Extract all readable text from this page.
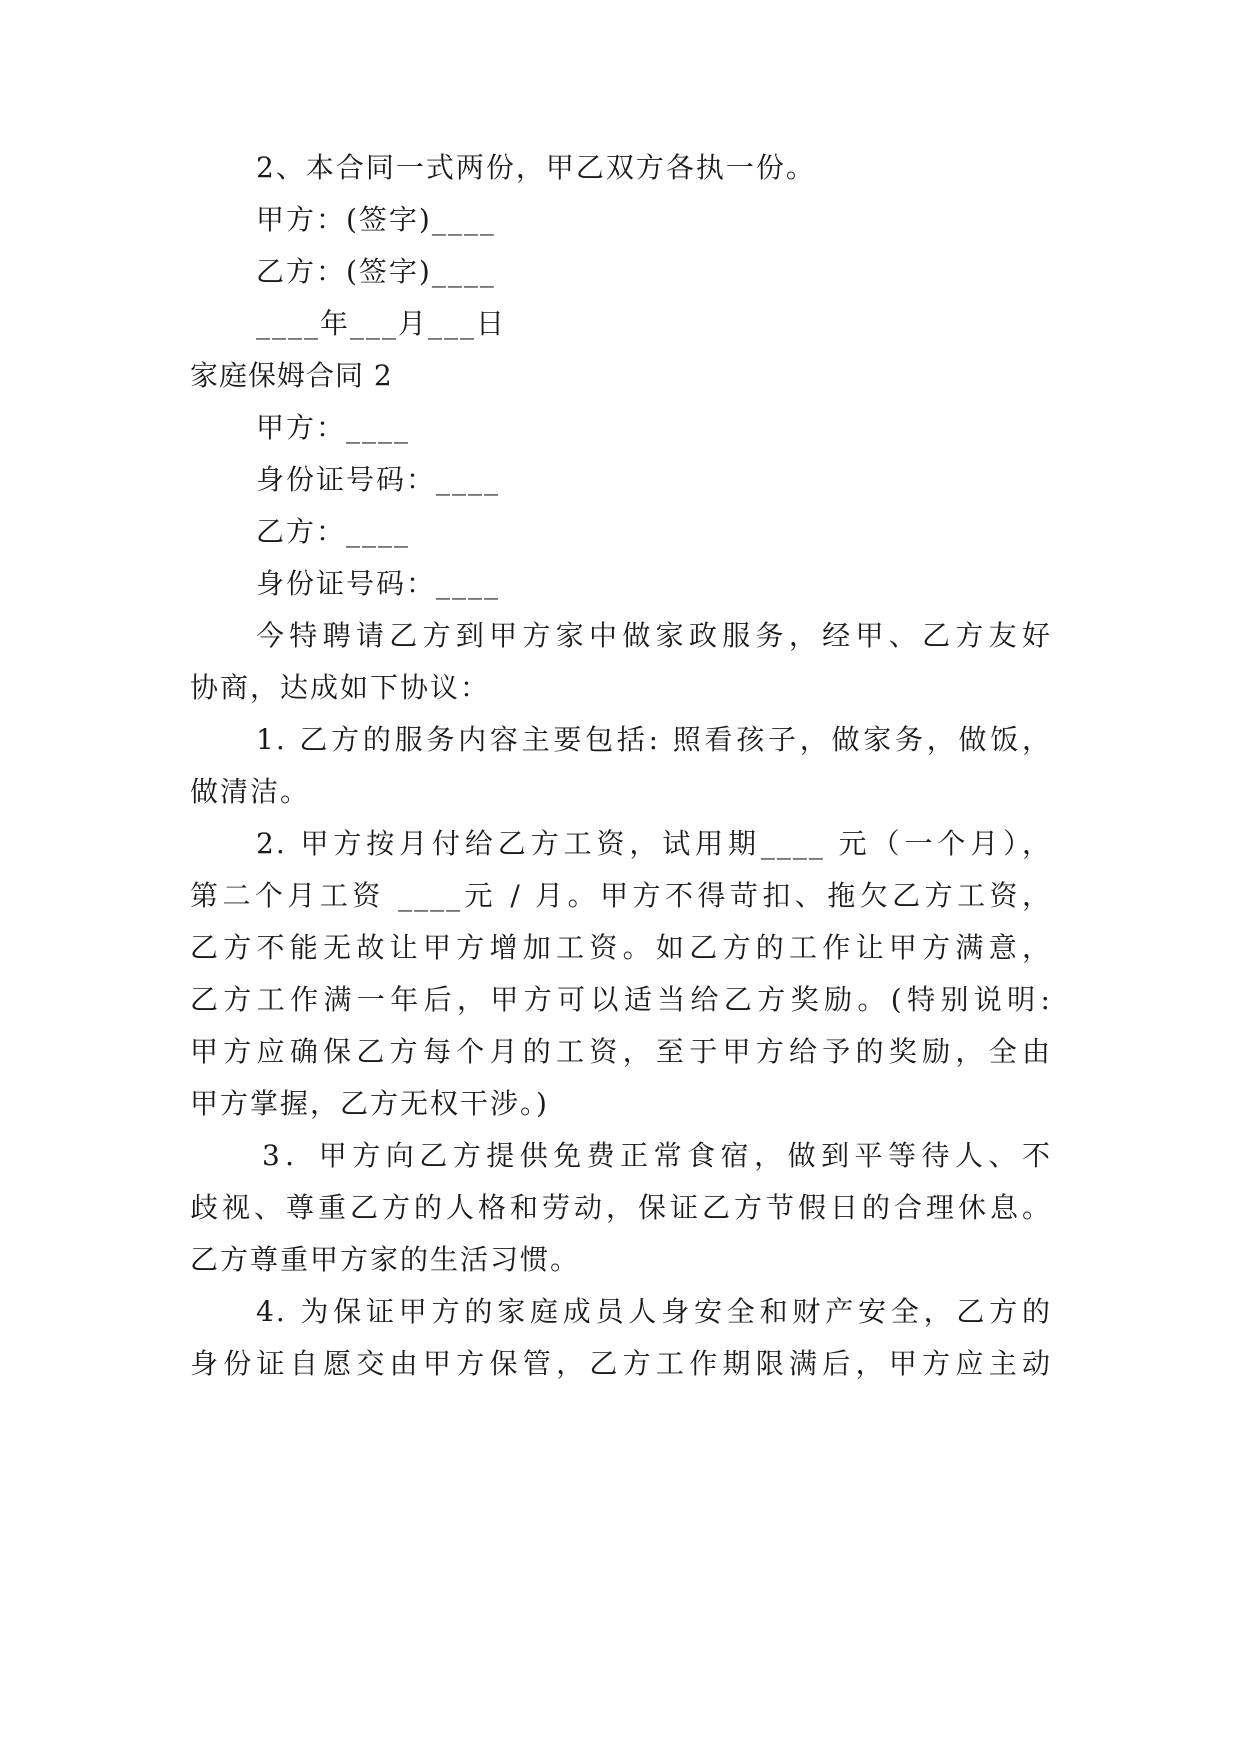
2、本合同一式两份，甲乙双方各执一份。
甲方：(签字)____
乙方：(签字)____
____年___月___日
家庭保姆合同 2
甲方：____
身份证号码：____
乙方：____
身份证号码：____
今特聘请乙方到甲方家中做家政服务，经甲、乙方友好
协商，达成如下协议：
1. 乙方的服务内容主要包括: 照看孩子，做家务，做饭，
做清洁。
2. 甲方按月付给乙方工资，试用期____ 元（一个月），
第二个月工资 ____元 / 月。甲方不得苛扣、拖欠乙方工资，
乙方不能无故让甲方增加工资。如乙方的工作让甲方满意，
乙方工作满一年后，甲方可以适当给乙方奖励。(特别说明:
甲方应确保乙方每个月的工资，至于甲方给予的奖励，全由
甲方掌握，乙方无权干涉。)
3．甲方向乙方提供免费正常食宿，做到平等待人、不
歧视、尊重乙方的人格和劳动，保证乙方节假日的合理休息。
乙方尊重甲方家的生活习惯。
4. 为保证甲方的家庭成员人身安全和财产安全，乙方的
身份证自愿交由甲方保管，乙方工作期限满后，甲方应主动
